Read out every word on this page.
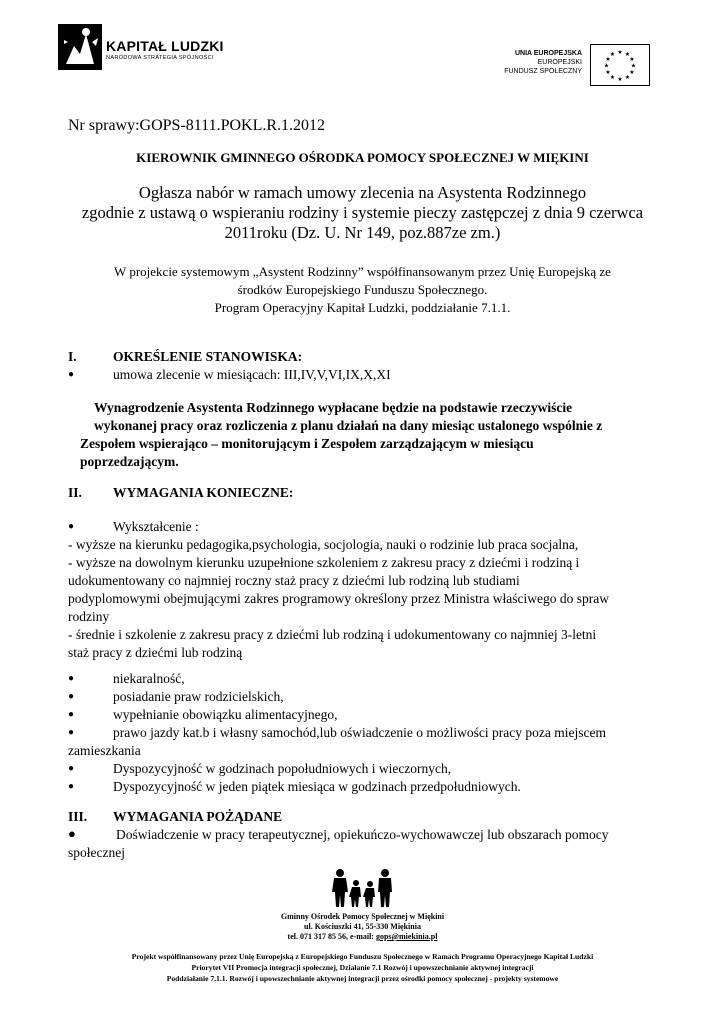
KAPITAŁ LUDZKI
NARODOWA STRATEGIA SPÓJNOŚCI
UNIA EUROPEJSKA
EUROPEJSKI
FUNDUSZ SPOŁECZNY
★ ★
★
★
★
★
★
★
★
★
★
★
Nr sprawy:GOPS-8111.POKL.R.1.2012
KIEROWNIK GMINNEGO OŚRODKA POMOCY SPOŁECZNEJ W MIĘKINI
Ogłasza nabór w ramach umowy zlecenia na Asystenta Rodzinnego
zgodnie z ustawą o wspieraniu rodziny i systemie pieczy zastępczej z dnia 9 czerwca
2011roku (Dz. U. Nr 149, poz.887ze zm.)
W projekcie systemowym „Asystent Rodzinny” współfinansowanym przez Unię Europejską ze
środków Europejskiego Funduszu Społecznego.
Program Operacyjny Kapitał Ludzki, poddziałanie 7.1.1.
I.	OKREŚLENIE STANOWISKA:
●	umowa zlecenie w miesiącach: III,IV,V,VI,IX,X,XI
Wynagrodzenie Asystenta Rodzinnego wypłacane będzie na podstawie rzeczywiście
wykonanej pracy oraz rozliczenia z planu działań na dany miesiąc ustalonego wspólnie z
Zespołem wspierająco – monitorującym i Zespołem zarządzającym w miesiącu
poprzedzającym.
II. WYMAGANIA KONIECZNE:
●	Wykształcenie :
- wyższe na kierunku pedagogika,psychologia, socjologia, nauki o rodzinie lub praca socjalna,
- wyższe na dowolnym kierunku uzupełnione szkoleniem z zakresu pracy z dziećmi i rodziną i
udokumentowany co najmniej roczny staż pracy z dziećmi lub rodziną lub studiami
podyplomowymi obejmującymi zakres programowy określony przez Ministra właściwego do spraw
rodziny
- średnie i szkolenie z zakresu pracy z dziećmi lub rodziną i udokumentowany co najmniej 3-letni
staż pracy z dziećmi lub rodziną
●	niekaralność,
●	posiadanie praw rodzicielskich,
●	wypełnianie obowiązku alimentacyjnego,
●	prawo jazdy kat.b i własny samochód,lub oświadczenie o możliwości pracy poza miejscem
zamieszkania
●	Dyspozycyjność w godzinach popołudniowych i wieczornych,
●	Dyspozycyjność w jeden piątek miesiąca w godzinach przedpołudniowych.
III. WYMAGANIA POŻĄDANE
●	Doświadczenie w pracy terapeutycznej, opiekuńczo-wychowawczej lub obszarach pomocy
społecznej
Gminny Ośrodek Pomocy Społecznej w Miękini
ul. Kościuszki 41, 55-330 Miękinia
tel. 071 317 85 56, e-mail: gops@miekinia.pl
Projekt współfinansowany przez Unię Europejską z Europejskiego Funduszu Społecznego w Ramach Programu Operacyjnego Kapitał Ludzki
Priorytet VII Promocja integracji społecznej, Działanie 7.1 Rozwój i upowszechnianie aktywnej integracji
Poddziałanie 7.1.1. Rozwój i upowszechnianie aktywnej integracji przez ośrodki pomocy społecznej - projekty systemowe
